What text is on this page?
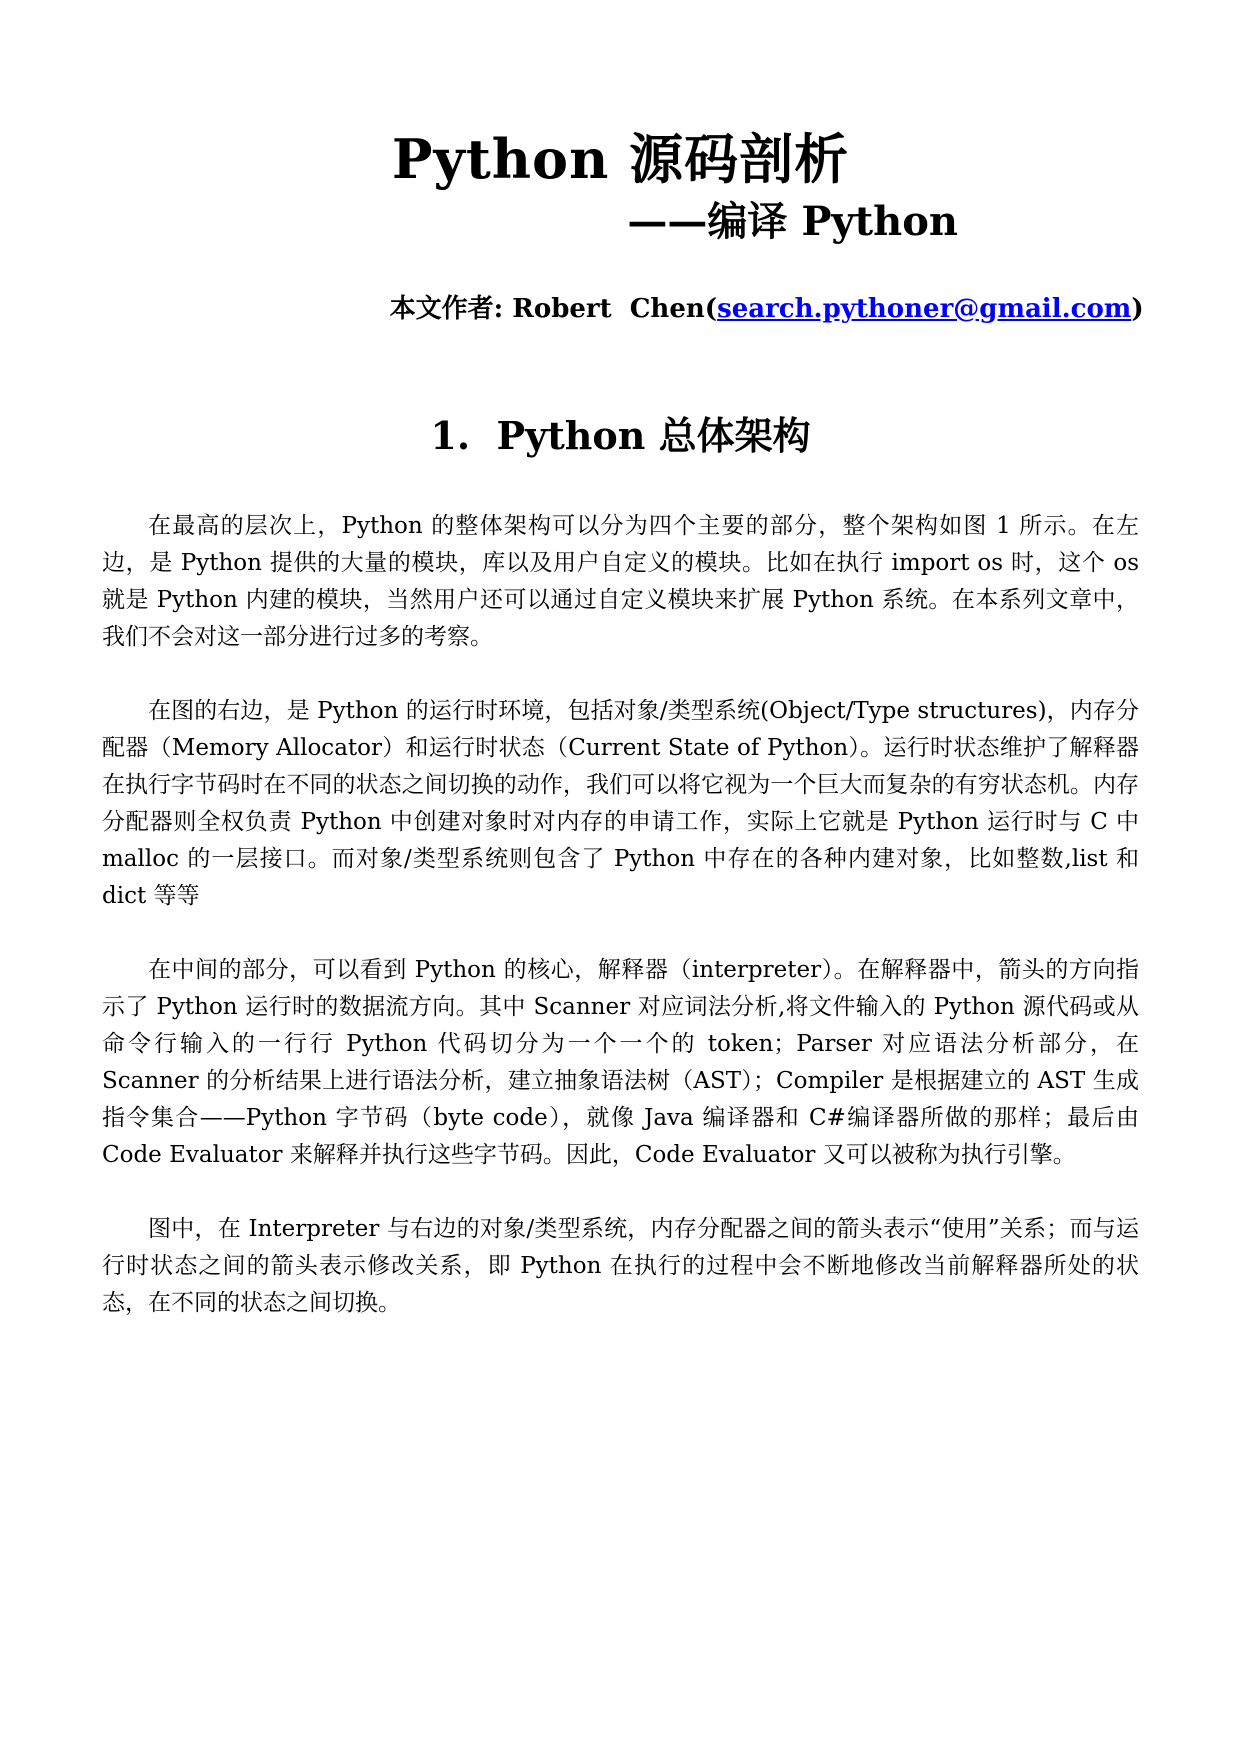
Python 源码剖析
——编译 Python

本文作者: Robert  Chen(search.pythoner@gmail.com)

1.  Python 总体架构

在最高的层次上，Python 的整体架构可以分为四个主要的部分，整个架构如图 1 所示。在左边，是 Python 提供的大量的模块，库以及用户自定义的模块。比如在执行 import os 时，这个 os 就是 Python 内建的模块，当然用户还可以通过自定义模块来扩展 Python 系统。在本系列文章中，我们不会对这一部分进行过多的考察。

在图的右边，是 Python 的运行时环境，包括对象/类型系统(Object/Type structures)，内存分配器（Memory Allocator）和运行时状态（Current State of Python）。运行时状态维护了解释器在执行字节码时在不同的状态之间切换的动作，我们可以将它视为一个巨大而复杂的有穷状态机。内存分配器则全权负责 Python 中创建对象时对内存的申请工作，实际上它就是 Python 运行时与 C 中 malloc 的一层接口。而对象/类型系统则包含了 Python 中存在的各种内建对象，比如整数,list 和 dict 等等

在中间的部分，可以看到 Python 的核心，解释器（interpreter）。在解释器中，箭头的方向指示了 Python 运行时的数据流方向。其中 Scanner 对应词法分析,将文件输入的 Python 源代码或从命令行输入的一行行 Python 代码切分为一个一个的 token；Parser 对应语法分析部分，在 Scanner 的分析结果上进行语法分析，建立抽象语法树（AST）；Compiler 是根据建立的 AST 生成指令集合——Python 字节码（byte code），就像 Java 编译器和 C#编译器所做的那样；最后由 Code Evaluator 来解释并执行这些字节码。因此，Code Evaluator 又可以被称为执行引擎。

图中，在 Interpreter 与右边的对象/类型系统，内存分配器之间的箭头表示“使用”关系；而与运行时状态之间的箭头表示修改关系，即 Python 在执行的过程中会不断地修改当前解释器所处的状态，在不同的状态之间切换。
